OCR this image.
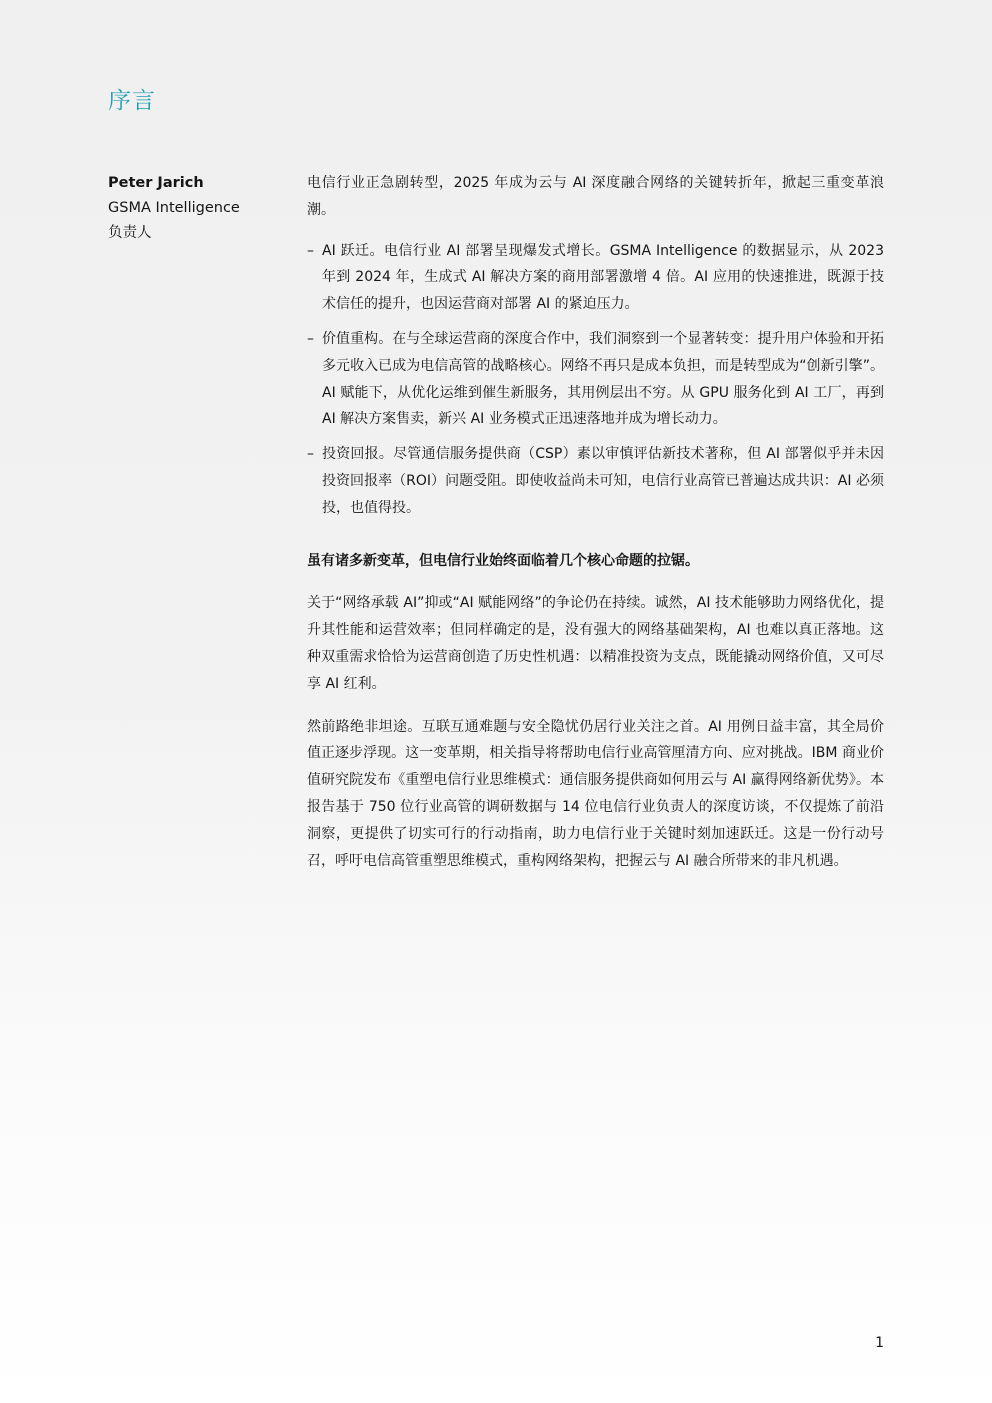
序言
Peter Jarich
GSMA Intelligence
负责人

电信行业正急剧转型，2025 年成为云与 AI 深度融合网络的关键转折年，掀起三重变革浪潮。

– AI 跃迁。电信行业 AI 部署呈现爆发式增长。GSMA Intelligence 的数据显示，从 2023 年到 2024 年，生成式 AI 解决方案的商用部署激增 4 倍。AI 应用的快速推进，既源于技术信任的提升，也因运营商对部署 AI 的紧迫压力。
– 价值重构。在与全球运营商的深度合作中，我们洞察到一个显著转变：提升用户体验和开拓多元收入已成为电信高管的战略核心。网络不再只是成本负担，而是转型成为“创新引擎”。AI 赋能下，从优化运维到催生新服务，其用例层出不穷。从 GPU 服务化到 AI 工厂，再到 AI 解决方案售卖，新兴 AI 业务模式正迅速落地并成为增长动力。
– 投资回报。尽管通信服务提供商（CSP）素以审慎评估新技术著称，但 AI 部署似乎并未因投资回报率（ROI）问题受阻。即使收益尚未可知，电信行业高管已普遍达成共识：AI 必须投，也值得投。

虽有诸多新变革，但电信行业始终面临着几个核心命题的拉锯。

关于“网络承载 AI”抑或“AI 赋能网络”的争论仍在持续。诚然，AI 技术能够助力网络优化，提升其性能和运营效率；但同样确定的是，没有强大的网络基础架构，AI 也难以真正落地。这种双重需求恰恰为运营商创造了历史性机遇：以精准投资为支点，既能撬动网络价值，又可尽享 AI 红利。

然前路绝非坦途。互联互通难题与安全隐忧仍居行业关注之首。AI 用例日益丰富，其全局价值正逐步浮现。这一变革期，相关指导将帮助电信行业高管厘清方向、应对挑战。IBM 商业价值研究院发布《重塑电信行业思维模式：通信服务提供商如何用云与 AI 赢得网络新优势》。本报告基于 750 位行业高管的调研数据与 14 位电信行业负责人的深度访谈，不仅提炼了前沿洞察，更提供了切实可行的行动指南，助力电信行业于关键时刻加速跃迁。这是一份行动号召，呼吁电信高管重塑思维模式，重构网络架构，把握云与 AI 融合所带来的非凡机遇。

1
